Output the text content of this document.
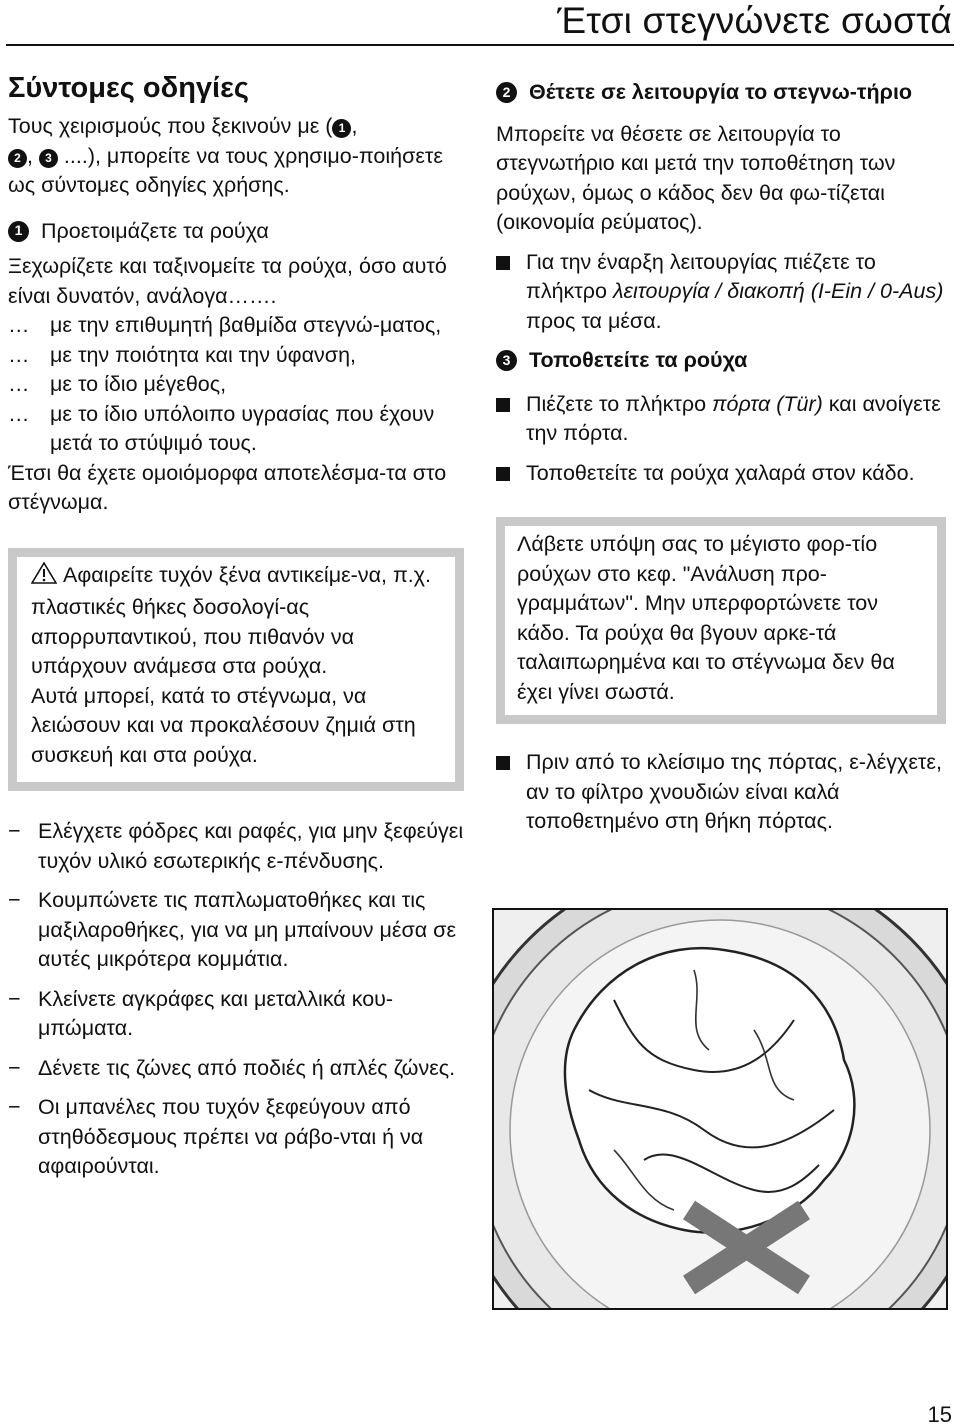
Έτσι στεγνώνετε σωστά
Σύντομες οδηγίες

Τους χειρισμούς που ξεκινούν με ( 1 ,
2 , 3 ....), μπορείτε να τους χρησιμο-ποιήσετε ως σύντομες οδηγίες χρήσης.

1 Προετοιμάζετε τα ρούχα

Ξεχωρίζετε και ταξινομείτε τα ρούχα, όσο αυτό είναι δυνατόν, ανάλογα…….

… με την επιθυμητή βαθμίδα στεγνώ-ματος,
… με την ποιότητα και την ύφανση,
… με το ίδιο μέγεθος,
… με το ίδιο υπόλοιπο υγρασίας που έχουν μετά το στύψιμό τους.

Έτσι θα έχετε ομοιόμορφα αποτελέσμα-τα στο στέγνωμα.

Αφαιρείτε τυχόν ξένα αντικείμε-να, π.χ. πλαστικές θήκες δοσολογί-ας απορρυπαντικού, που πιθανόν να υπάρχουν ανάμεσα στα ρούχα.

Αυτά μπορεί, κατά το στέγνωμα, να λειώσουν και να προκαλέσουν ζημιά στη συσκευή και στα ρούχα.

− Ελέγχετε φόδρες και ραφές, για μην ξεφεύγει τυχόν υλικό εσωτερικής ε-πένδυσης.
− Κουμπώνετε τις παπλωματοθήκες και τις μαξιλαροθήκες, για να μη μπαίνουν μέσα σε αυτές μικρότερα κομμάτια.
− Κλείνετε αγκράφες και μεταλλικά κου-μπώματα.
− Δένετε τις ζώνες από ποδιές ή απλές ζώνες.
− Οι μπανέλες που τυχόν ξεφεύγουν από στηθόδεσμους πρέπει να ράβο-νται ή να αφαιρούνται.
2 Θέτετε σε λειτουργία το στεγνω-τήριο

Μπορείτε να θέσετε σε λειτουργία το στεγνωτήριο και μετά την τοποθέτηση των ρούχων, όμως ο κάδος δεν θα φω-τίζεται (οικονομία ρεύματος).

Για την έναρξη λειτουργίας πιέζετε το πλήκτρο λειτουργία / διακοπή (I-Ein / 0-Aus) προς τα μέσα.
3 Τοποθετείτε τα ρούχα
Πιέζετε το πλήκτρο πόρτα (Tür) και ανοίγετε την πόρτα.
Τοποθετείτε τα ρούχα χαλαρά στον κάδο.
Λάβετε υπόψη σας το μέγιστο φορ-τίο ρούχων στο κεφ. "Ανάλυση προ-γραμμάτων". Μην υπερφορτώνετε τον κάδο. Τα ρούχα θα βγουν αρκε-τά ταλαιπωρημένα και το στέγνωμα δεν θα έχει γίνει σωστά.
Πριν από το κλείσιμο της πόρτας, ε-λέγχετε, αν το φίλτρο χνουδιών είναι καλά τοποθετημένο στη θήκη πόρτας.
15
